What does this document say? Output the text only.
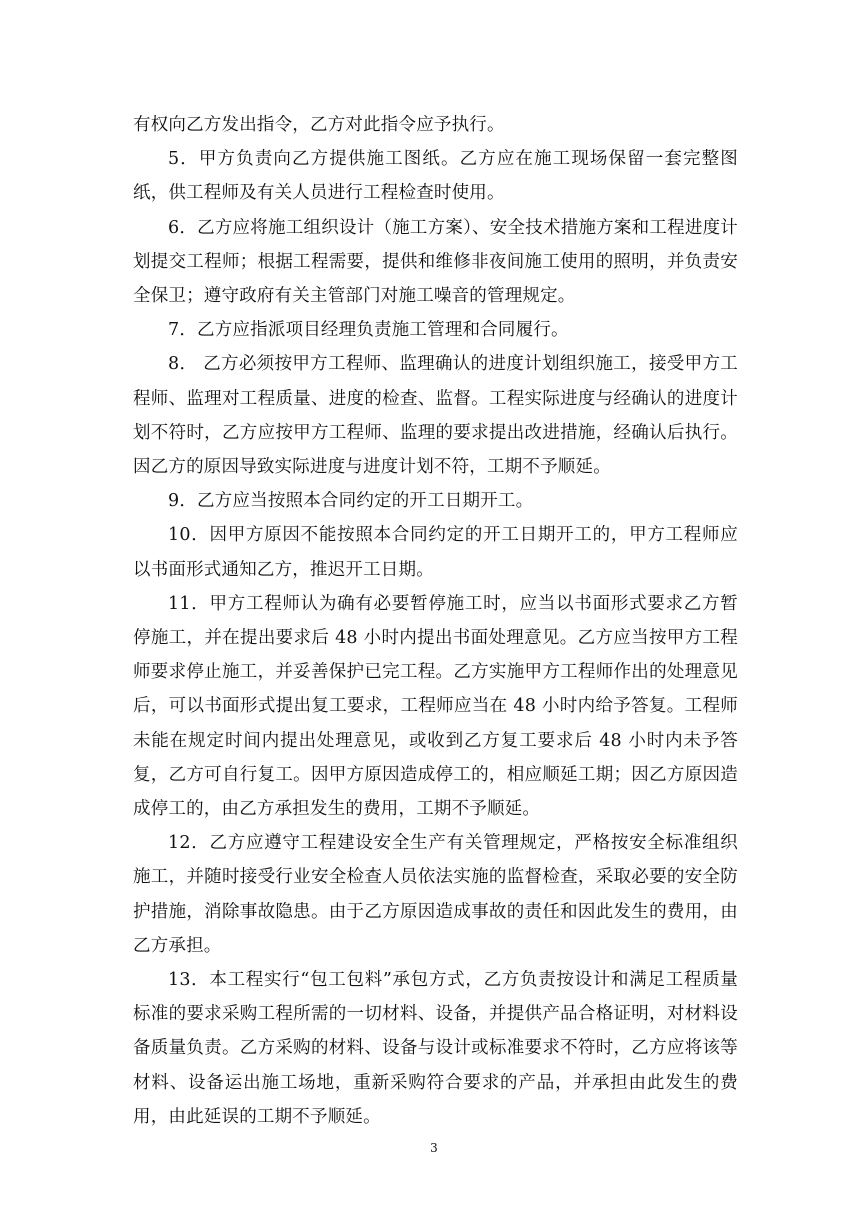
有权向乙方发出指令，乙方对此指令应予执行。

5．甲方负责向乙方提供施工图纸。乙方应在施工现场保留一套完整图纸，供工程师及有关人员进行工程检查时使用。

6．乙方应将施工组织设计（施工方案）、安全技术措施方案和工程进度计划提交工程师；根据工程需要，提供和维修非夜间施工使用的照明，并负责安全保卫；遵守政府有关主管部门对施工噪音的管理规定。

7．乙方应指派项目经理负责施工管理和合同履行。

8． 乙方必须按甲方工程师、监理确认的进度计划组织施工，接受甲方工程师、监理对工程质量、进度的检查、监督。工程实际进度与经确认的进度计划不符时，乙方应按甲方工程师、监理的要求提出改进措施，经确认后执行。因乙方的原因导致实际进度与进度计划不符，工期不予顺延。

9．乙方应当按照本合同约定的开工日期开工。

10．因甲方原因不能按照本合同约定的开工日期开工的，甲方工程师应以书面形式通知乙方，推迟开工日期。

11．甲方工程师认为确有必要暂停施工时，应当以书面形式要求乙方暂停施工，并在提出要求后 48 小时内提出书面处理意见。乙方应当按甲方工程师要求停止施工，并妥善保护已完工程。乙方实施甲方工程师作出的处理意见后，可以书面形式提出复工要求，工程师应当在 48 小时内给予答复。工程师未能在规定时间内提出处理意见，或收到乙方复工要求后 48 小时内未予答复，乙方可自行复工。因甲方原因造成停工的，相应顺延工期；因乙方原因造成停工的，由乙方承担发生的费用，工期不予顺延。

12．乙方应遵守工程建设安全生产有关管理规定，严格按安全标准组织施工，并随时接受行业安全检查人员依法实施的监督检查，采取必要的安全防护措施，消除事故隐患。由于乙方原因造成事故的责任和因此发生的费用，由乙方承担。

13．本工程实行“包工包料”承包方式，乙方负责按设计和满足工程质量标准的要求采购工程所需的一切材料、设备，并提供产品合格证明，对材料设备质量负责。乙方采购的材料、设备与设计或标准要求不符时，乙方应将该等材料、设备运出施工场地，重新采购符合要求的产品，并承担由此发生的费用，由此延误的工期不予顺延。

3
